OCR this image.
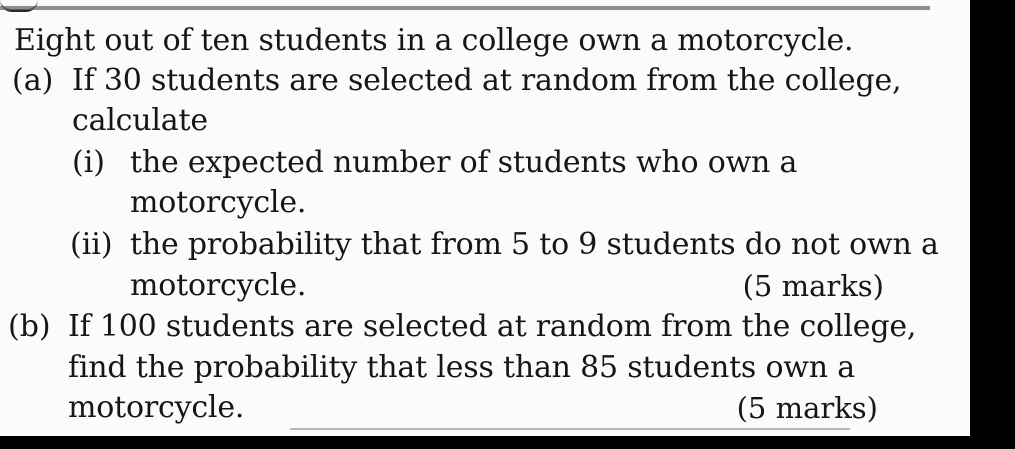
Eight out of ten students in a college own a motorcycle.
(a) If 30 students are selected at random from the college,
calculate
(i) the expected number of students who own a
motorcycle.
(ii) the probability that from 5 to 9 students do not own a
motorcycle.	(5 marks)
(b) If 100 students are selected at random from the college,
find the probability that less than 85 students own a
motorcycle.	(5 marks)
